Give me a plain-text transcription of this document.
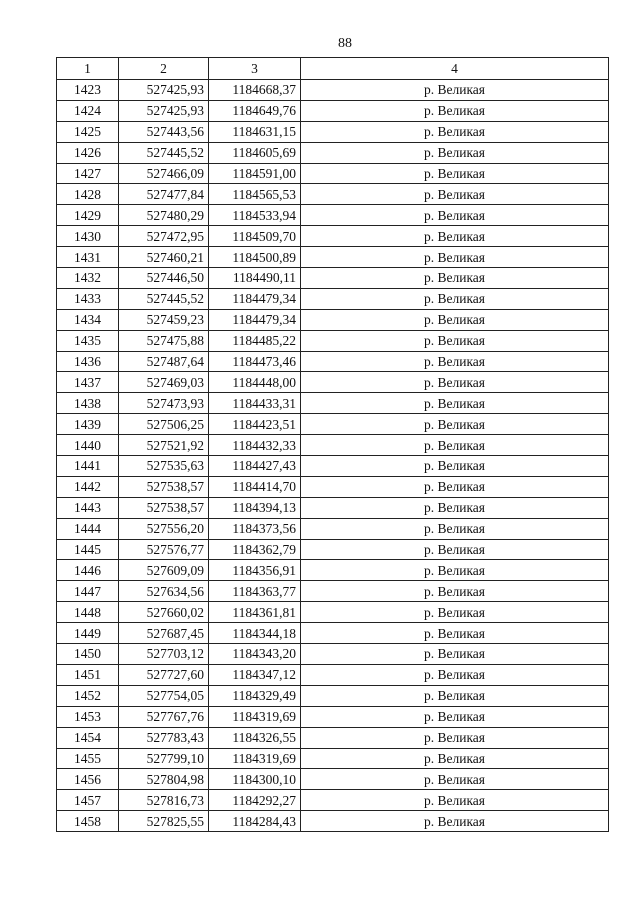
88
1	2	3	4
1423	527425,93	1184668,37	р. Великая
1424	527425,93	1184649,76	р. Великая
1425	527443,56	1184631,15	р. Великая
1426	527445,52	1184605,69	р. Великая
1427	527466,09	1184591,00	р. Великая
1428	527477,84	1184565,53	р. Великая
1429	527480,29	1184533,94	р. Великая
1430	527472,95	1184509,70	р. Великая
1431	527460,21	1184500,89	р. Великая
1432	527446,50	1184490,11	р. Великая
1433	527445,52	1184479,34	р. Великая
1434	527459,23	1184479,34	р. Великая
1435	527475,88	1184485,22	р. Великая
1436	527487,64	1184473,46	р. Великая
1437	527469,03	1184448,00	р. Великая
1438	527473,93	1184433,31	р. Великая
1439	527506,25	1184423,51	р. Великая
1440	527521,92	1184432,33	р. Великая
1441	527535,63	1184427,43	р. Великая
1442	527538,57	1184414,70	р. Великая
1443	527538,57	1184394,13	р. Великая
1444	527556,20	1184373,56	р. Великая
1445	527576,77	1184362,79	р. Великая
1446	527609,09	1184356,91	р. Великая
1447	527634,56	1184363,77	р. Великая
1448	527660,02	1184361,81	р. Великая
1449	527687,45	1184344,18	р. Великая
1450	527703,12	1184343,20	р. Великая
1451	527727,60	1184347,12	р. Великая
1452	527754,05	1184329,49	р. Великая
1453	527767,76	1184319,69	р. Великая
1454	527783,43	1184326,55	р. Великая
1455	527799,10	1184319,69	р. Великая
1456	527804,98	1184300,10	р. Великая
1457	527816,73	1184292,27	р. Великая
1458	527825,55	1184284,43	р. Великая
